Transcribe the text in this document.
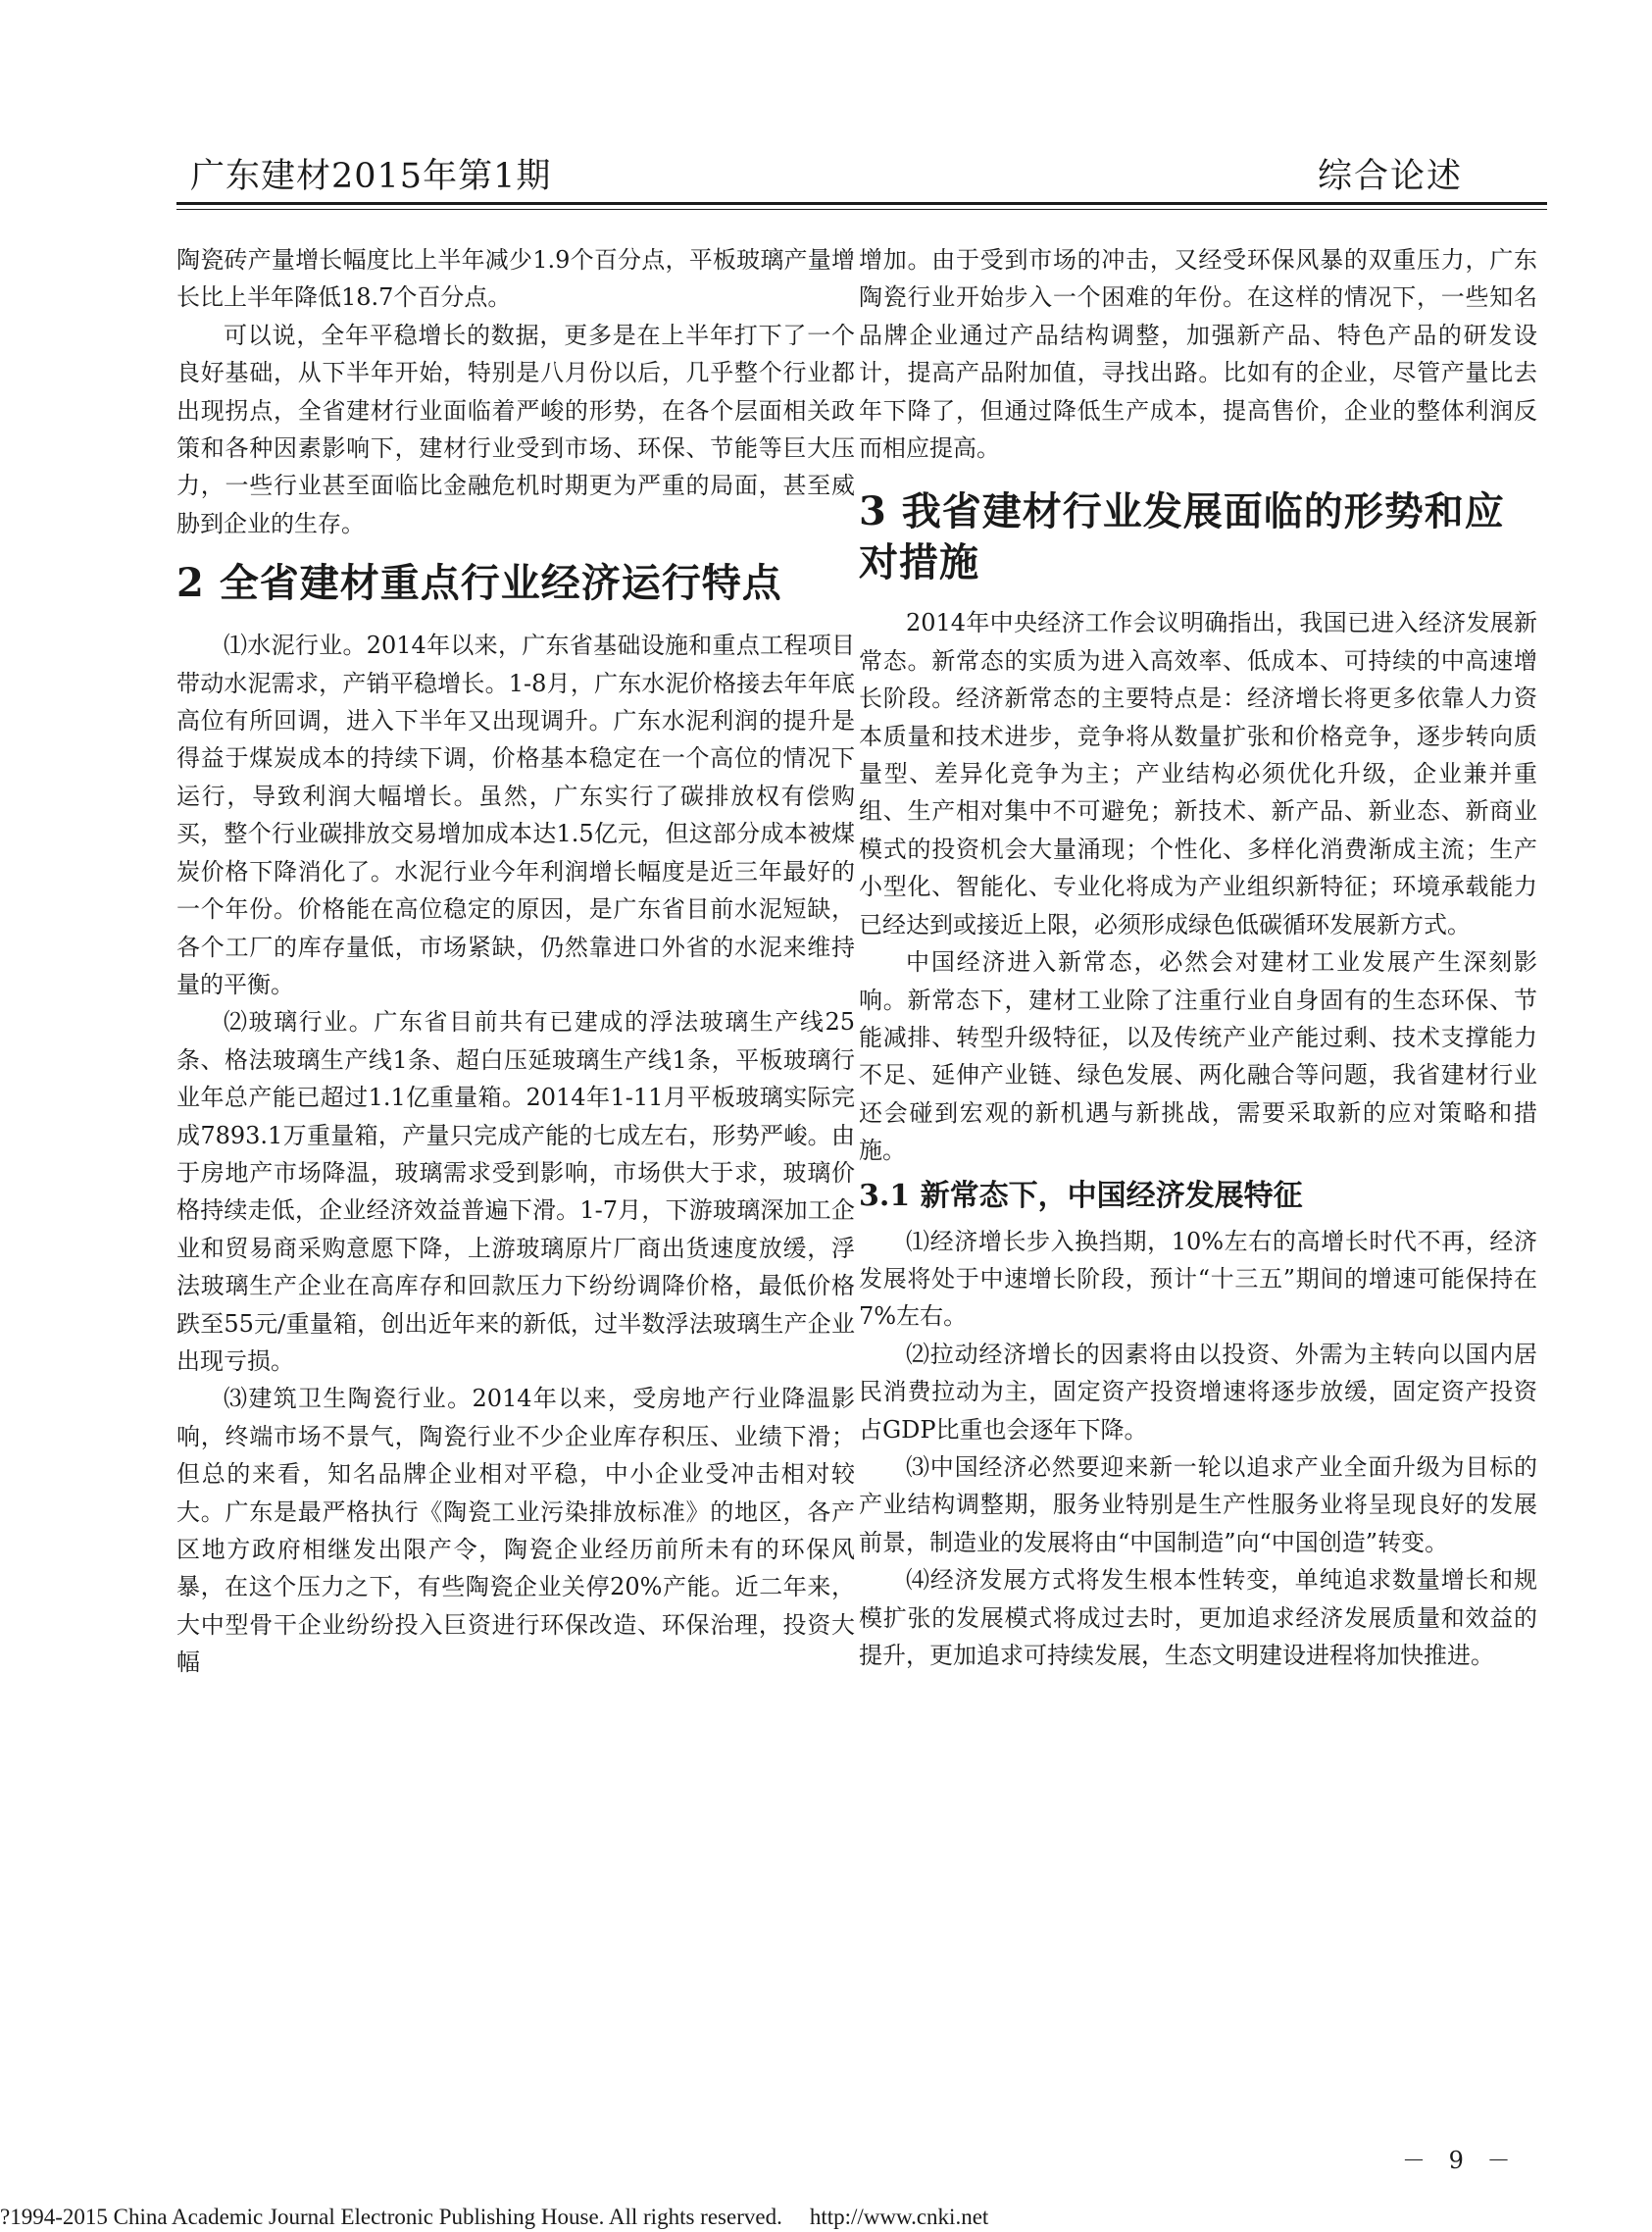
广东建材2015年第1期	综合论述

陶瓷砖产量增长幅度比上半年减少1.9个百分点，平板玻璃产量增长比上半年降低18.7个百分点。

可以说，全年平稳增长的数据，更多是在上半年打下了一个良好基础，从下半年开始，特别是八月份以后，几乎整个行业都出现拐点，全省建材行业面临着严峻的形势，在各个层面相关政策和各种因素影响下，建材行业受到市场、环保、节能等巨大压力，一些行业甚至面临比金融危机时期更为严重的局面，甚至威胁到企业的生存。

2 全省建材重点行业经济运行特点

⑴水泥行业。2014年以来，广东省基础设施和重点工程项目带动水泥需求，产销平稳增长。1-8月，广东水泥价格接去年年底高位有所回调，进入下半年又出现调升。广东水泥利润的提升是得益于煤炭成本的持续下调，价格基本稳定在一个高位的情况下运行，导致利润大幅增长。虽然，广东实行了碳排放权有偿购买，整个行业碳排放交易增加成本达1.5亿元，但这部分成本被煤炭价格下降消化了。水泥行业今年利润增长幅度是近三年最好的一个年份。价格能在高位稳定的原因，是广东省目前水泥短缺，各个工厂的库存量低，市场紧缺，仍然靠进口外省的水泥来维持量的平衡。

⑵玻璃行业。广东省目前共有已建成的浮法玻璃生产线25条、格法玻璃生产线1条、超白压延玻璃生产线1条，平板玻璃行业年总产能已超过1.1亿重量箱。2014年1-11月平板玻璃实际完成7893.1万重量箱，产量只完成产能的七成左右，形势严峻。由于房地产市场降温，玻璃需求受到影响，市场供大于求，玻璃价格持续走低，企业经济效益普遍下滑。1-7月，下游玻璃深加工企业和贸易商采购意愿下降，上游玻璃原片厂商出货速度放缓，浮法玻璃生产企业在高库存和回款压力下纷纷调降价格，最低价格跌至55元/重量箱，创出近年来的新低，过半数浮法玻璃生产企业出现亏损。

⑶建筑卫生陶瓷行业。2014年以来，受房地产行业降温影响，终端市场不景气，陶瓷行业不少企业库存积压、业绩下滑；但总的来看，知名品牌企业相对平稳，中小企业受冲击相对较大。广东是最严格执行《陶瓷工业污染排放标准》的地区，各产区地方政府相继发出限产令，陶瓷企业经历前所未有的环保风暴，在这个压力之下，有些陶瓷企业关停20%产能。近二年来，大中型骨干企业纷纷投入巨资进行环保改造、环保治理，投资大幅

增加。由于受到市场的冲击，又经受环保风暴的双重压力，广东陶瓷行业开始步入一个困难的年份。在这样的情况下，一些知名品牌企业通过产品结构调整，加强新产品、特色产品的研发设计，提高产品附加值，寻找出路。比如有的企业，尽管产量比去年下降了，但通过降低生产成本，提高售价，企业的整体利润反而相应提高。

3 我省建材行业发展面临的形势和应对措施

2014年中央经济工作会议明确指出，我国已进入经济发展新常态。新常态的实质为进入高效率、低成本、可持续的中高速增长阶段。经济新常态的主要特点是：经济增长将更多依靠人力资本质量和技术进步，竞争将从数量扩张和价格竞争，逐步转向质量型、差异化竞争为主；产业结构必须优化升级，企业兼并重组、生产相对集中不可避免；新技术、新产品、新业态、新商业模式的投资机会大量涌现；个性化、多样化消费渐成主流；生产小型化、智能化、专业化将成为产业组织新特征；环境承载能力已经达到或接近上限，必须形成绿色低碳循环发展新方式。

中国经济进入新常态，必然会对建材工业发展产生深刻影响。新常态下，建材工业除了注重行业自身固有的生态环保、节能减排、转型升级特征，以及传统产业产能过剩、技术支撑能力不足、延伸产业链、绿色发展、两化融合等问题，我省建材行业还会碰到宏观的新机遇与新挑战，需要采取新的应对策略和措施。

3.1 新常态下，中国经济发展特征

⑴经济增长步入换挡期，10%左右的高增长时代不再，经济发展将处于中速增长阶段，预计“十三五”期间的增速可能保持在7%左右。

⑵拉动经济增长的因素将由以投资、外需为主转向以国内居民消费拉动为主，固定资产投资增速将逐步放缓，固定资产投资占GDP比重也会逐年下降。

⑶中国经济必然要迎来新一轮以追求产业全面升级为目标的产业结构调整期，服务业特别是生产性服务业将呈现良好的发展前景，制造业的发展将由“中国制造”向“中国创造”转变。

⑷经济发展方式将发生根本性转变，单纯追求数量增长和规模扩张的发展模式将成过去时，更加追求经济发展质量和效益的提升，更加追求可持续发展，生态文明建设进程将加快推进。

－ 9 －
?1994-2015 China Academic Journal Electronic Publishing House. All rights reserved. http://www.cnki.net
